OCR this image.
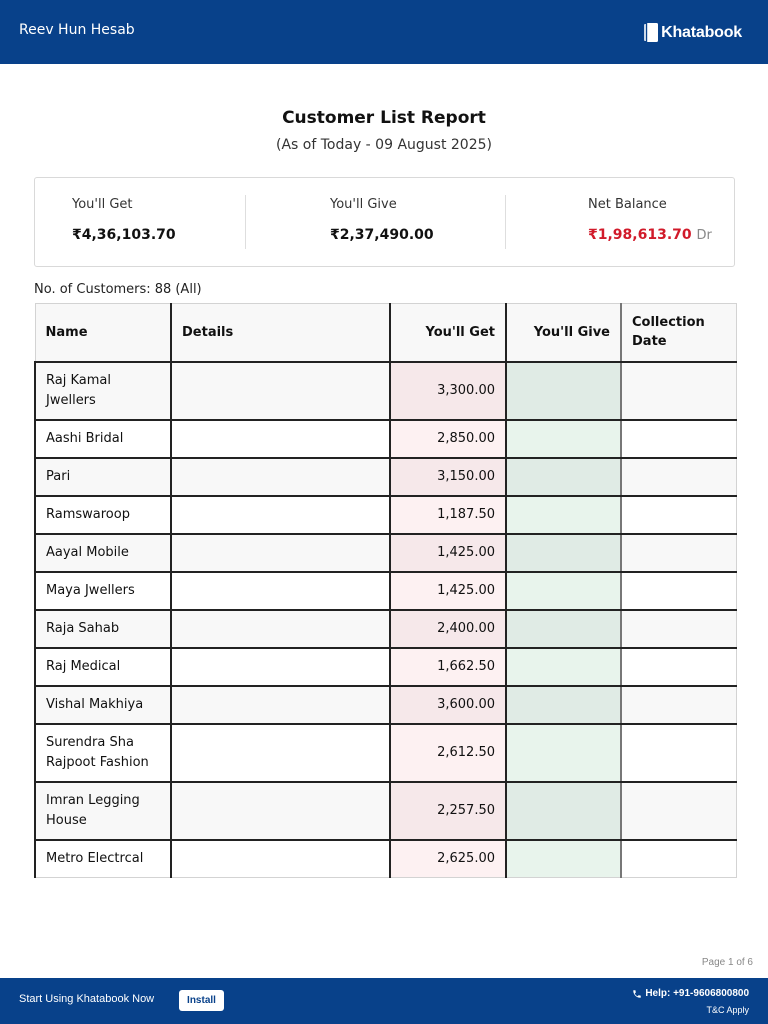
Reev Hun Hesab	Khatabook
Customer List Report
(As of Today - 09 August 2025)
You'll Get
₹4,36,103.70
You'll Give
₹2,37,490.00
Net Balance
₹1,98,613.70 Dr
No. of Customers: 88 (All)
Name	Details	You'll Get	You'll Give	Collection Date
Raj Kamal Jwellers		3,300.00		
Aashi Bridal		2,850.00		
Pari		3,150.00		
Ramswaroop		1,187.50		
Aayal Mobile		1,425.00		
Maya Jwellers		1,425.00		
Raja Sahab		2,400.00		
Raj Medical		1,662.50		
Vishal Makhiya		3,600.00		
Surendra Sha Rajpoot Fashion		2,612.50		
Imran Legging House		2,257.50		
Metro Electrcal		2,625.00		
Page 1 of 6
Start Using Khatabook Now	Install
Help: +91-9606800800
T&C Apply
